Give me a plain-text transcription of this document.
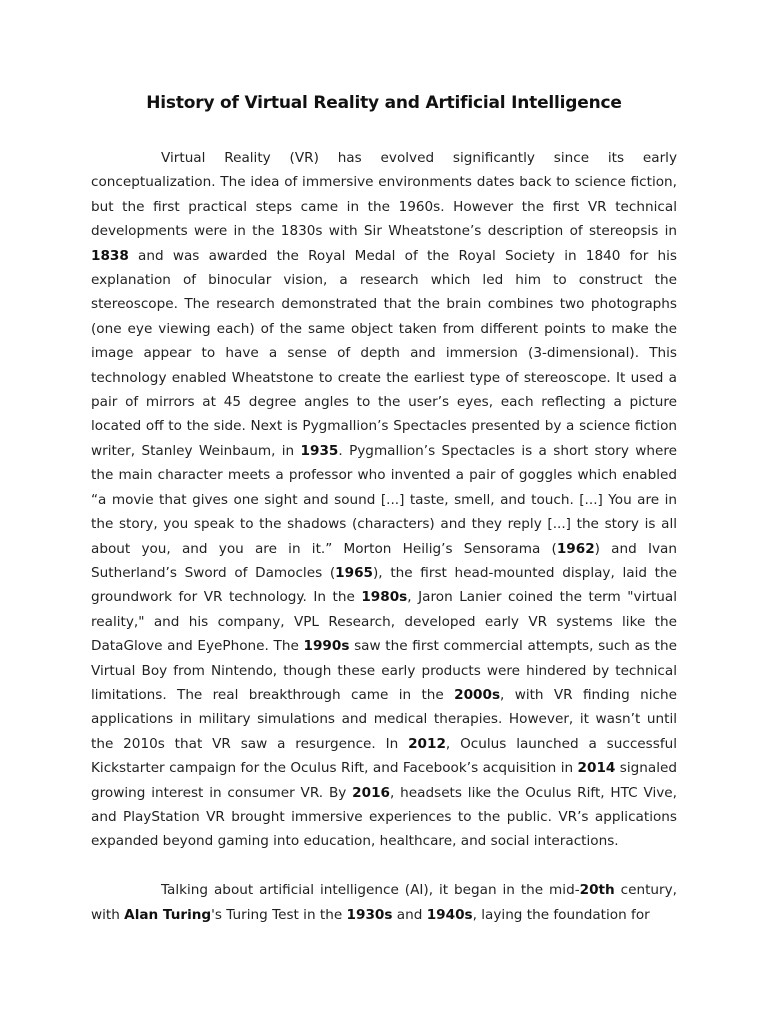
History of Virtual Reality and Artificial Intelligence

Virtual Reality (VR) has evolved significantly since its early conceptualization. The idea of immersive environments dates back to science fiction, but the first practical steps came in the 1960s. However the first VR technical developments were in the 1830s with Sir Wheatstone’s description of stereopsis in 1838 and was awarded the Royal Medal of the Royal Society in 1840 for his explanation of binocular vision, a research which led him to construct the stereoscope. The research demonstrated that the brain combines two photographs (one eye viewing each) of the same object taken from different points to make the image appear to have a sense of depth and immersion (3-dimensional). This technology enabled Wheatstone to create the earliest type of stereoscope. It used a pair of mirrors at 45 degree angles to the user’s eyes, each reflecting a picture located off to the side. Next is Pygmallion’s Spectacles presented by a science fiction writer, Stanley Weinbaum, in 1935. Pygmallion’s Spectacles is a short story where the main character meets a professor who invented a pair of goggles which enabled “a movie that gives one sight and sound [...] taste, smell, and touch. [...] You are in the story, you speak to the shadows (characters) and they reply [...] the story is all about you, and you are in it.” Morton Heilig’s Sensorama (1962) and Ivan Sutherland’s Sword of Damocles (1965), the first head-mounted display, laid the groundwork for VR technology. In the 1980s, Jaron Lanier coined the term "virtual reality," and his company, VPL Research, developed early VR systems like the DataGlove and EyePhone. The 1990s saw the first commercial attempts, such as the Virtual Boy from Nintendo, though these early products were hindered by technical limitations. The real breakthrough came in the 2000s, with VR finding niche applications in military simulations and medical therapies. However, it wasn’t until the 2010s that VR saw a resurgence. In 2012, Oculus launched a successful Kickstarter campaign for the Oculus Rift, and Facebook’s acquisition in 2014 signaled growing interest in consumer VR. By 2016, headsets like the Oculus Rift, HTC Vive, and PlayStation VR brought immersive experiences to the public. VR’s applications expanded beyond gaming into education, healthcare, and social interactions.

Talking about artificial intelligence (AI), it began in the mid-20th century, with Alan Turing's Turing Test in the 1930s and 1940s, laying the foundation for
